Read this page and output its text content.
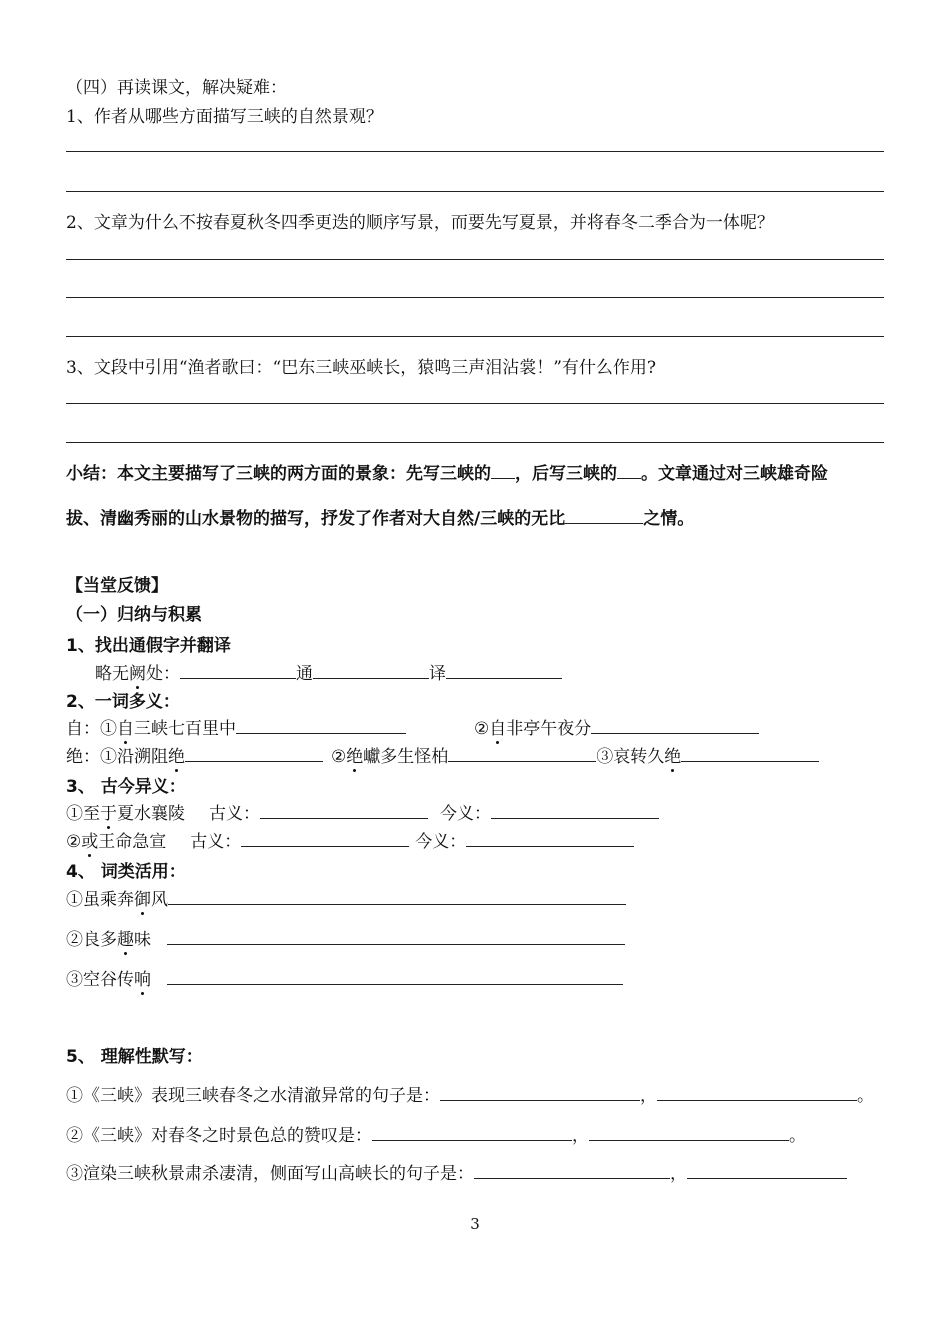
（四）再读课文，解决疑难：
1、作者从哪些方面描写三峡的自然景观？
2、文章为什么不按春夏秋冬四季更迭的顺序写景，而要先写夏景，并将春冬二季合为一体呢？
3、文段中引用“渔者歌曰：“巴东三峡巫峡长，猿鸣三声泪沾裳！”有什么作用?
小结：本文主要描写了三峡的两方面的景象：先写三峡的 ，后写三峡的 。文章通过对三峡雄奇险
拔、清幽秀丽的山水景物的描写，抒发了作者对大自然/三峡的无比	之情。
【当堂反馈】
（一）归纳与积累
1、找出通假字并翻译
略无阙处：	通	译
2、一词多义：
自：①自三峡七百里中	②自非亭午夜分
绝：①沿溯阻绝	②绝巘多生怪柏	③哀转久绝
3、 古今异义：
①至于夏水襄陵 古义：	今义：
②或王命急宣 古义：	今义：
4、 词类活用：
①虽乘奔御风
②良多趣味
③空谷传响
5、 理解性默写：
①《三峡》表现三峡春冬之水清澈异常的句子是：	，	。
②《三峡》对春冬之时景色总的赞叹是：	，	。
③渲染三峡秋景肃杀凄清，侧面写山高峡长的句子是：	，
3
